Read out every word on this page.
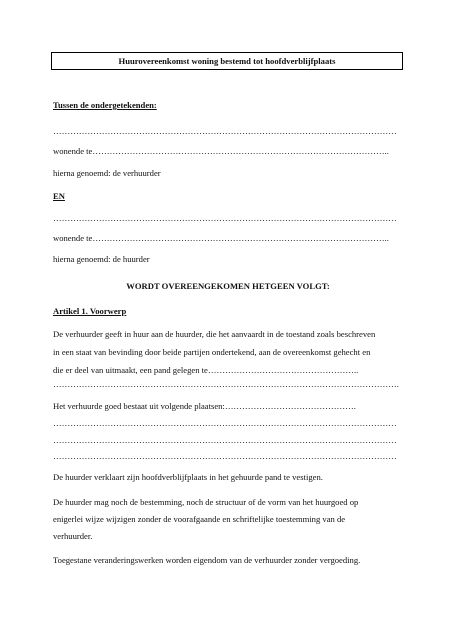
Huurovereenkomst woning bestemd tot hoofdverblijfplaats
Tussen de ondergetekenden:
…………………………………………………………………………………………………………
wonende te…………………………………………………………………………………………..
hierna genoemd: de verhuurder
EN
…………………………………………………………………………………………………………
wonende te…………………………………………………………………………………………..
hierna genoemd: de huurder
WORDT OVEREENGEKOMEN HETGEEN VOLGT:
Artikel 1. Voorwerp
De verhuurder geeft in huur aan de huurder, die het aanvaardt in de toestand zoals beschreven
in een staat van bevinding door beide partijen ondertekend, aan de overeenkomst gehecht en
die er deel van uitmaakt, een pand gelegen te……………………………………………..
………………………………………………………………………………………………………….
Het verhuurde goed bestaat uit volgende plaatsen:……………………………………….
…………………………………………………………………………………………………………
…………………………………………………………………………………………………………
…………………………………………………………………………………………………………
De huurder verklaart zijn hoofdverblijfplaats in het gehuurde pand te vestigen.
De huurder mag noch de bestemming, noch de structuur of de vorm van het huurgoed op
enigerlei wijze wijzigen zonder de voorafgaande en schriftelijke toestemming van de
verhuurder.
Toegestane veranderingswerken worden eigendom van de verhuurder zonder vergoeding.
